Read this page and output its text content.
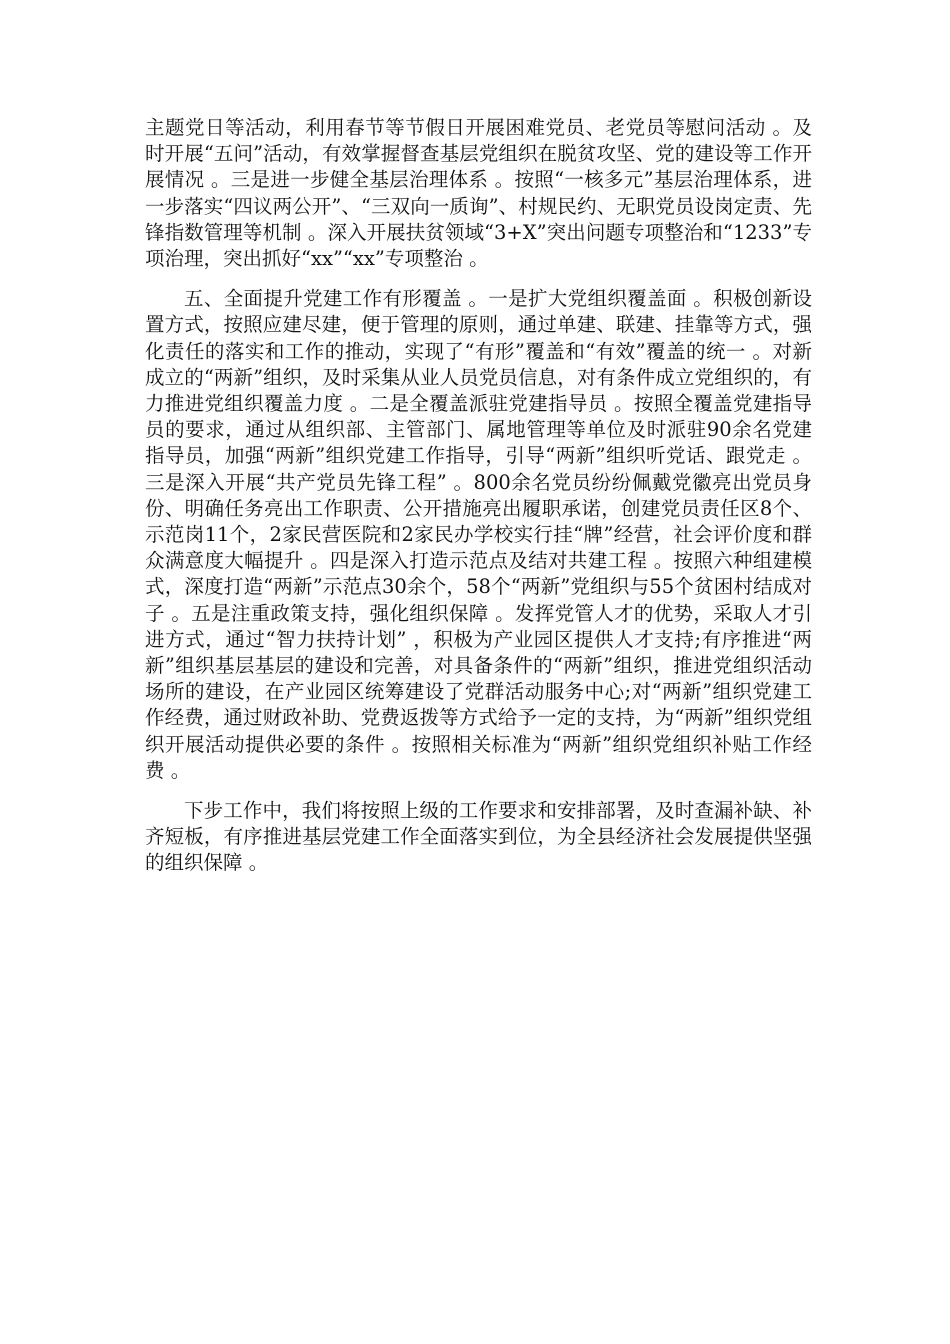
主题党日等活动，利用春节等节假日开展困难党员、老党员等慰问活动 。及时开展“五问”活动，有效掌握督查基层党组织在脱贫攻坚、党的建设等工作开展情况 。三是进一步健全基层治理体系 。按照“一核多元”基层治理体系，进一步落实“四议两公开”、“三双向一质询”、村规民约、无职党员设岗定责、先锋指数管理等机制 。深入开展扶贫领域“3+X”突出问题专项整治和“1233”专项治理，突出抓好“xx”“xx”专项整治 。

五、全面提升党建工作有形覆盖 。一是扩大党组织覆盖面 。积极创新设置方式，按照应建尽建，便于管理的原则，通过单建、联建、挂靠等方式，强化责任的落实和工作的推动，实现了“有形”覆盖和“有效”覆盖的统一 。对新成立的“两新”组织，及时采集从业人员党员信息，对有条件成立党组织的，有力推进党组织覆盖力度 。二是全覆盖派驻党建指导员 。按照全覆盖党建指导员的要求，通过从组织部、主管部门、属地管理等单位及时派驻90余名党建指导员，加强“两新”组织党建工作指导，引导“两新”组织听党话、跟党走 。三是深入开展“共产党员先锋工程” 。800余名党员纷纷佩戴党徽亮出党员身份、明确任务亮出工作职责、公开措施亮出履职承诺，创建党员责任区8个、示范岗11个，2家民营医院和2家民办学校实行挂“牌”经营，社会评价度和群众满意度大幅提升 。四是深入打造示范点及结对共建工程 。按照六种组建模式，深度打造“两新”示范点30余个，58个“两新”党组织与55个贫困村结成对子 。五是注重政策支持，强化组织保障 。发挥党管人才的优势，采取人才引进方式，通过“智力扶持计划” ，积极为产业园区提供人才支持;有序推进“两新”组织基层基层的建设和完善，对具备条件的“两新”组织，推进党组织活动场所的建设，在产业园区统筹建设了党群活动服务中心;对“两新”组织党建工作经费，通过财政补助、党费返拨等方式给予一定的支持，为“两新”组织党组织开展活动提供必要的条件 。按照相关标准为“两新”组织党组织补贴工作经费 。

下步工作中，我们将按照上级的工作要求和安排部署，及时查漏补缺、补齐短板，有序推进基层党建工作全面落实到位，为全县经济社会发展提供坚强的组织保障 。
